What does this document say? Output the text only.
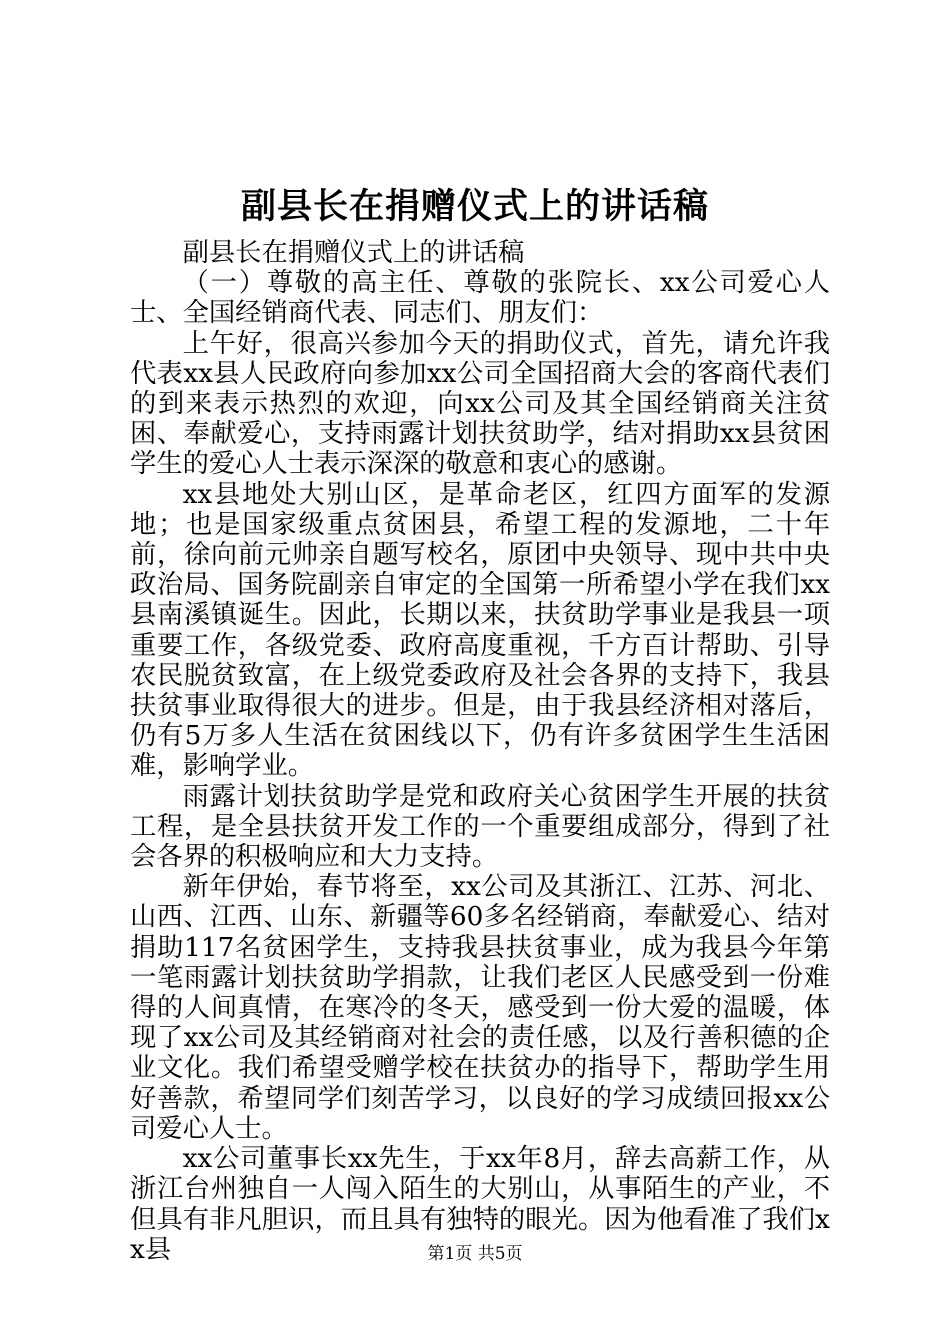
副县长在捐赠仪式上的讲话稿

副县长在捐赠仪式上的讲话稿

（一）尊敬的高主任、尊敬的张院长、xx公司爱心人士、全国经销商代表、同志们、朋友们：

上午好，很高兴参加今天的捐助仪式，首先，请允许我代表xx县人民政府向参加xx公司全国招商大会的客商代表们的到来表示热烈的欢迎，向xx公司及其全国经销商关注贫困、奉献爱心，支持雨露计划扶贫助学，结对捐助xx县贫困学生的爱心人士表示深深的敬意和衷心的感谢。

xx县地处大别山区，是革命老区，红四方面军的发源地；也是国家级重点贫困县，希望工程的发源地，二十年前，徐向前元帅亲自题写校名，原团中央领导、现中共中央政治局、国务院副亲自审定的全国第一所希望小学在我们xx县南溪镇诞生。因此，长期以来，扶贫助学事业是我县一项重要工作，各级党委、政府高度重视，千方百计帮助、引导农民脱贫致富，在上级党委政府及社会各界的支持下，我县扶贫事业取得很大的进步。但是，由于我县经济相对落后，仍有5万多人生活在贫困线以下，仍有许多贫困学生生活困难，影响学业。

雨露计划扶贫助学是党和政府关心贫困学生开展的扶贫工程，是全县扶贫开发工作的一个重要组成部分，得到了社会各界的积极响应和大力支持。

新年伊始，春节将至，xx公司及其浙江、江苏、河北、山西、江西、山东、新疆等60多名经销商，奉献爱心、结对捐助117名贫困学生，支持我县扶贫事业，成为我县今年第一笔雨露计划扶贫助学捐款，让我们老区人民感受到一份难得的人间真情，在寒冷的冬天，感受到一份大爱的温暖，体现了xx公司及其经销商对社会的责任感，以及行善积德的企业文化。我们希望受赠学校在扶贫办的指导下，帮助学生用好善款，希望同学们刻苦学习，以良好的学习成绩回报xx公司爱心人士。

xx公司董事长xx先生，于xx年8月，辞去高薪工作，从浙江台州独自一人闯入陌生的大别山，从事陌生的产业，不但具有非凡胆识，而且具有独特的眼光。因为他看准了我们xx县	第1页 共5页
